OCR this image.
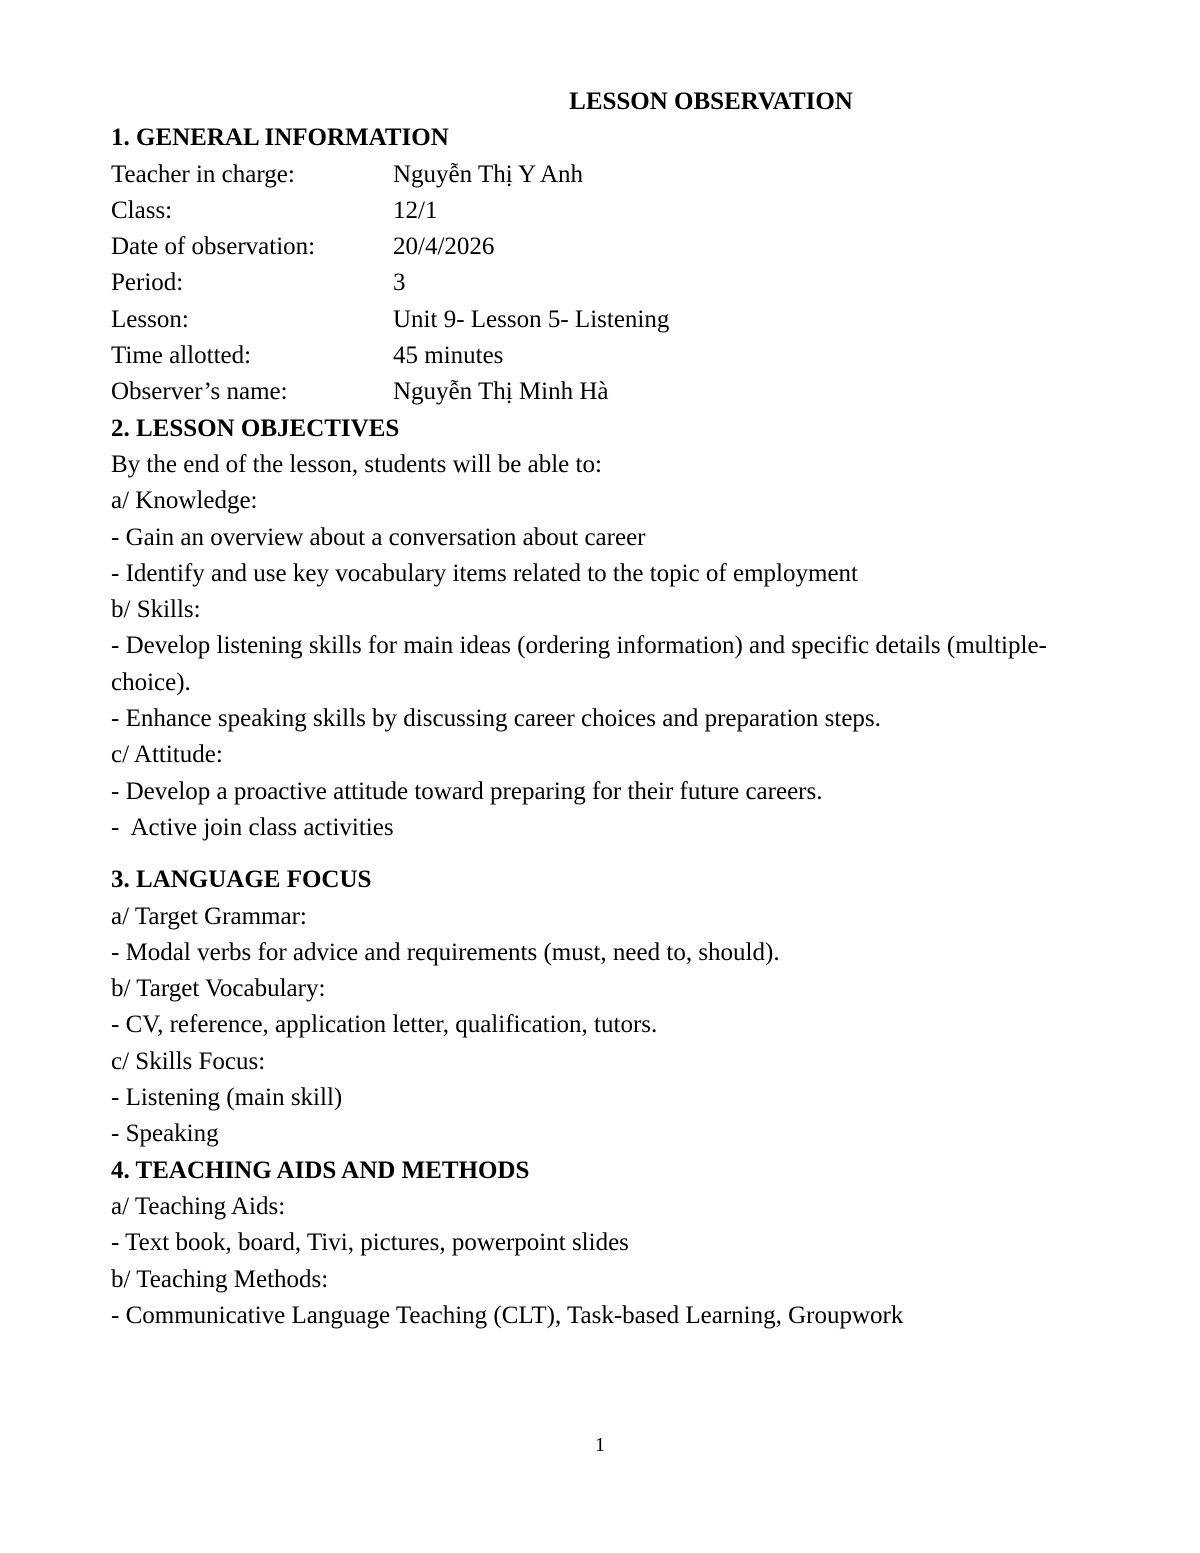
LESSON OBSERVATION

1. GENERAL INFORMATION

Teacher in charge:	Nguyễn Thị Y Anh
Class:	12/1
Date of observation:	20/4/2026
Period:	3
Lesson:	Unit 9- Lesson 5- Listening
Time allotted:	45 minutes
Observer’s name:	Nguyễn Thị Minh Hà

2. LESSON OBJECTIVES

By the end of the lesson, students will be able to:

a/ Knowledge:

- Gain an overview about a conversation about career

- Identify and use key vocabulary items related to the topic of employment

b/ Skills:

- Develop listening skills for main ideas (ordering information) and specific details (multiple-choice).

- Enhance speaking skills by discussing career choices and preparation steps.

c/ Attitude:

- Develop a proactive attitude toward preparing for their future careers.

-  Active join class activities

3. LANGUAGE FOCUS

a/ Target Grammar:

- Modal verbs for advice and requirements (must, need to, should).

b/ Target Vocabulary:

- CV, reference, application letter, qualification, tutors.

c/ Skills Focus:

- Listening (main skill)

- Speaking

4. TEACHING AIDS AND METHODS

a/ Teaching Aids:

- Text book, board, Tivi, pictures, powerpoint slides

b/ Teaching Methods:

- Communicative Language Teaching (CLT), Task-based Learning, Groupwork

1
